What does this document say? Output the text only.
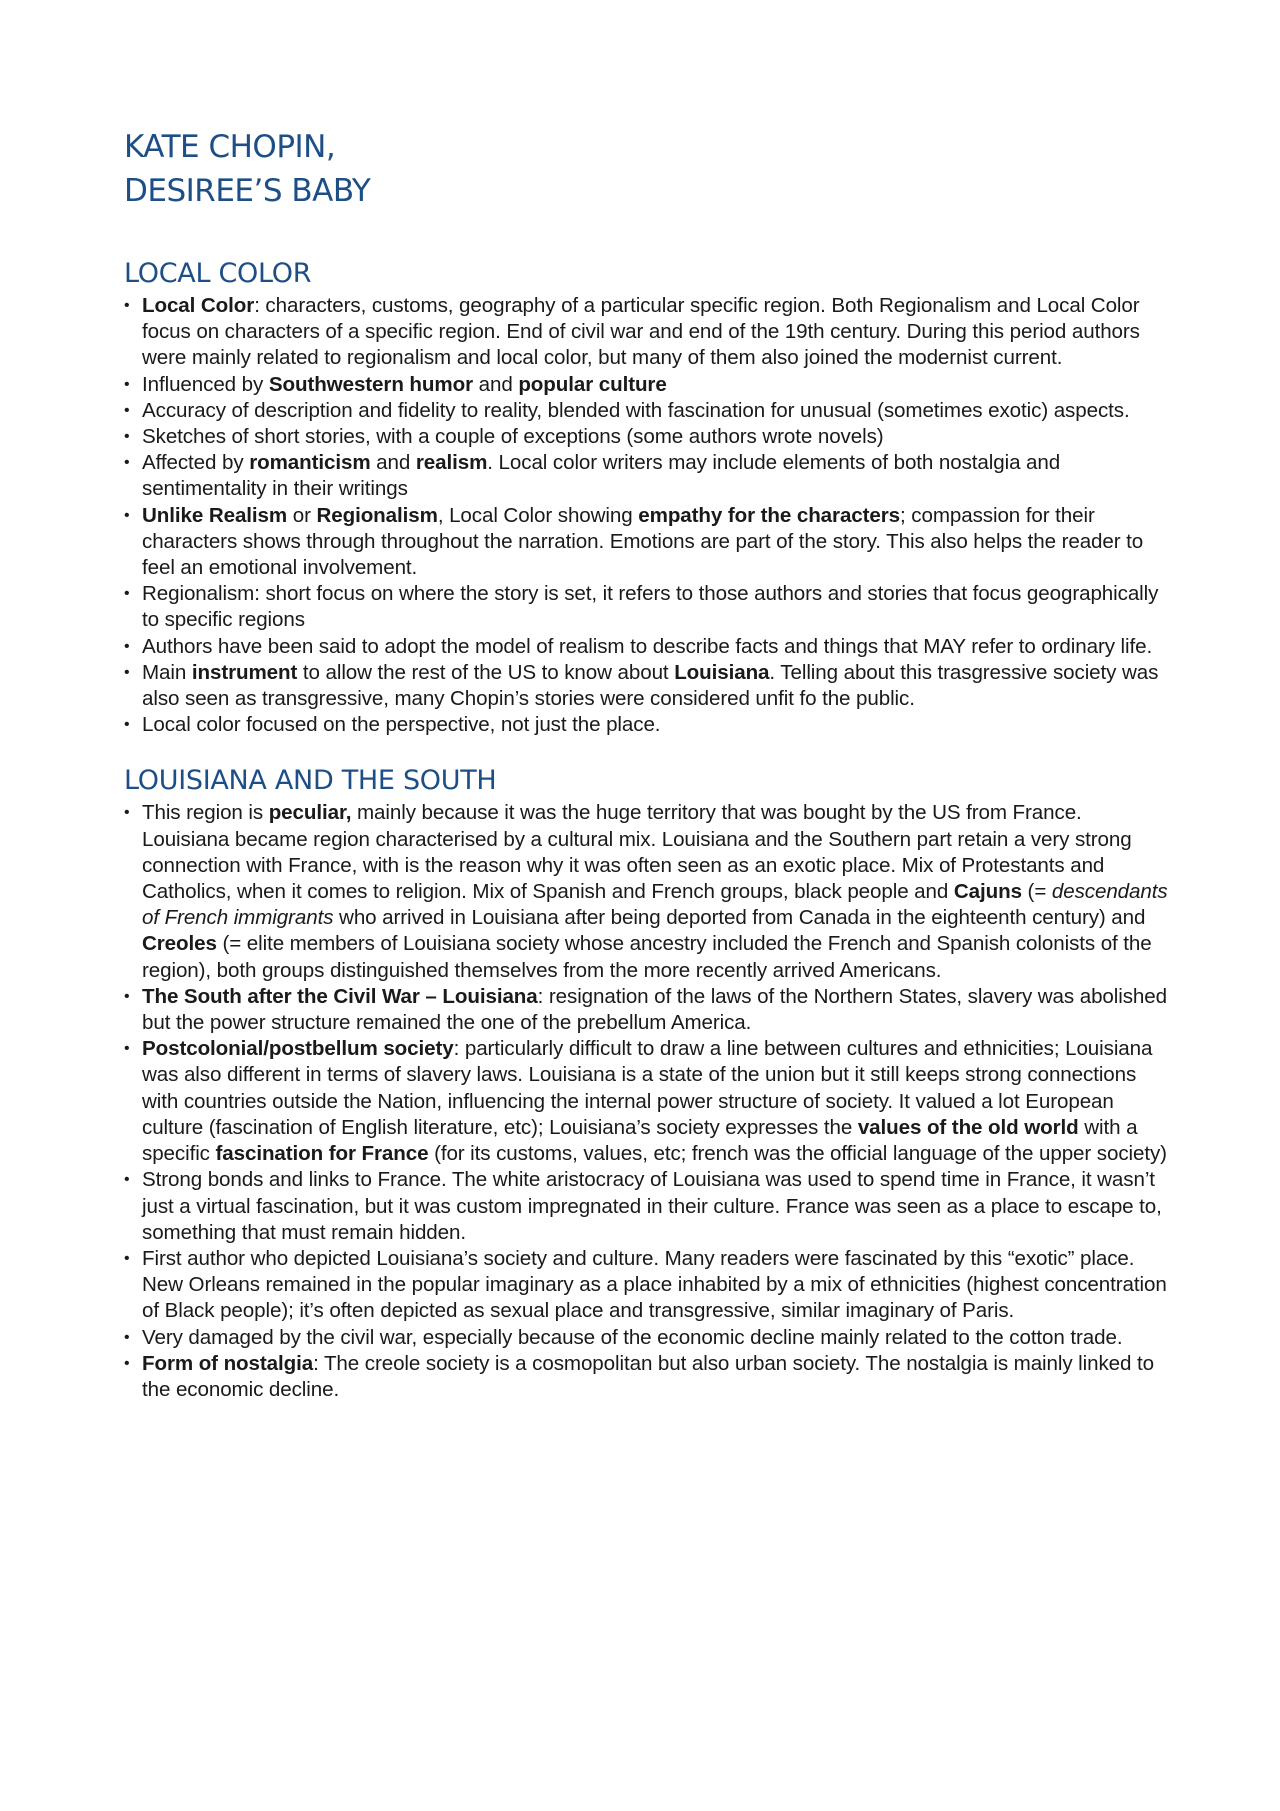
KATE CHOPIN,
DESIREE’S BABY
LOCAL COLOR
• Local Color: characters, customs, geography of a particular specific region. Both Regionalism and Local Color focus on characters of a specific region. End of civil war and end of the 19th century. During this period authors were mainly related to regionalism and local color, but many of them also joined the modernist current.
• Influenced by Southwestern humor and popular culture
• Accuracy of description and fidelity to reality, blended with fascination for unusual (sometimes exotic) aspects.
• Sketches of short stories, with a couple of exceptions (some authors wrote novels)
• Affected by romanticism and realism. Local color writers may include elements of both nostalgia and sentimentality in their writings
• Unlike Realism or Regionalism, Local Color showing empathy for the characters; compassion for their characters shows through throughout the narration. Emotions are part of the story. This also helps the reader to feel an emotional involvement.
• Regionalism: short focus on where the story is set, it refers to those authors and stories that focus geographically to specific regions
• Authors have been said to adopt the model of realism to describe facts and things that MAY refer to ordinary life.
• Main instrument to allow the rest of the US to know about Louisiana. Telling about this trasgressive society was also seen as transgressive, many Chopin’s stories were considered unfit fo the public.
• Local color focused on the perspective, not just the place.
LOUISIANA AND THE SOUTH
• This region is peculiar, mainly because it was the huge territory that was bought by the US from France. Louisiana became region characterised by a cultural mix. Louisiana and the Southern part retain a very strong connection with France, with is the reason why it was often seen as an exotic place. Mix of Protestants and Catholics, when it comes to religion. Mix of Spanish and French groups, black people and Cajuns (= descendants of French immigrants who arrived in Louisiana after being deported from Canada in the eighteenth century) and Creoles (= elite members of Louisiana society whose ancestry included the French and Spanish colonists of the region), both groups distinguished themselves from the more recently arrived Americans.
• The South after the Civil War – Louisiana: resignation of the laws of the Northern States, slavery was abolished but the power structure remained the one of the prebellum America.
• Postcolonial/postbellum society: particularly difficult to draw a line between cultures and ethnicities; Louisiana was also different in terms of slavery laws. Louisiana is a state of the union but it still keeps strong connections with countries outside the Nation, influencing the internal power structure of society. It valued a lot European culture (fascination of English literature, etc); Louisiana’s society expresses the values of the old world with a specific fascination for France (for its customs, values, etc; french was the official language of the upper society)
• Strong bonds and links to France. The white aristocracy of Louisiana was used to spend time in France, it wasn’t just a virtual fascination, but it was custom impregnated in their culture. France was seen as a place to escape to, something that must remain hidden.
• First author who depicted Louisiana’s society and culture. Many readers were fascinated by this “exotic” place. New Orleans remained in the popular imaginary as a place inhabited by a mix of ethnicities (highest concentration of Black people); it’s often depicted as sexual place and transgressive, similar imaginary of Paris.
• Very damaged by the civil war, especially because of the economic decline mainly related to the cotton trade.
• Form of nostalgia: The creole society is a cosmopolitan but also urban society. The nostalgia is mainly linked to the economic decline.
